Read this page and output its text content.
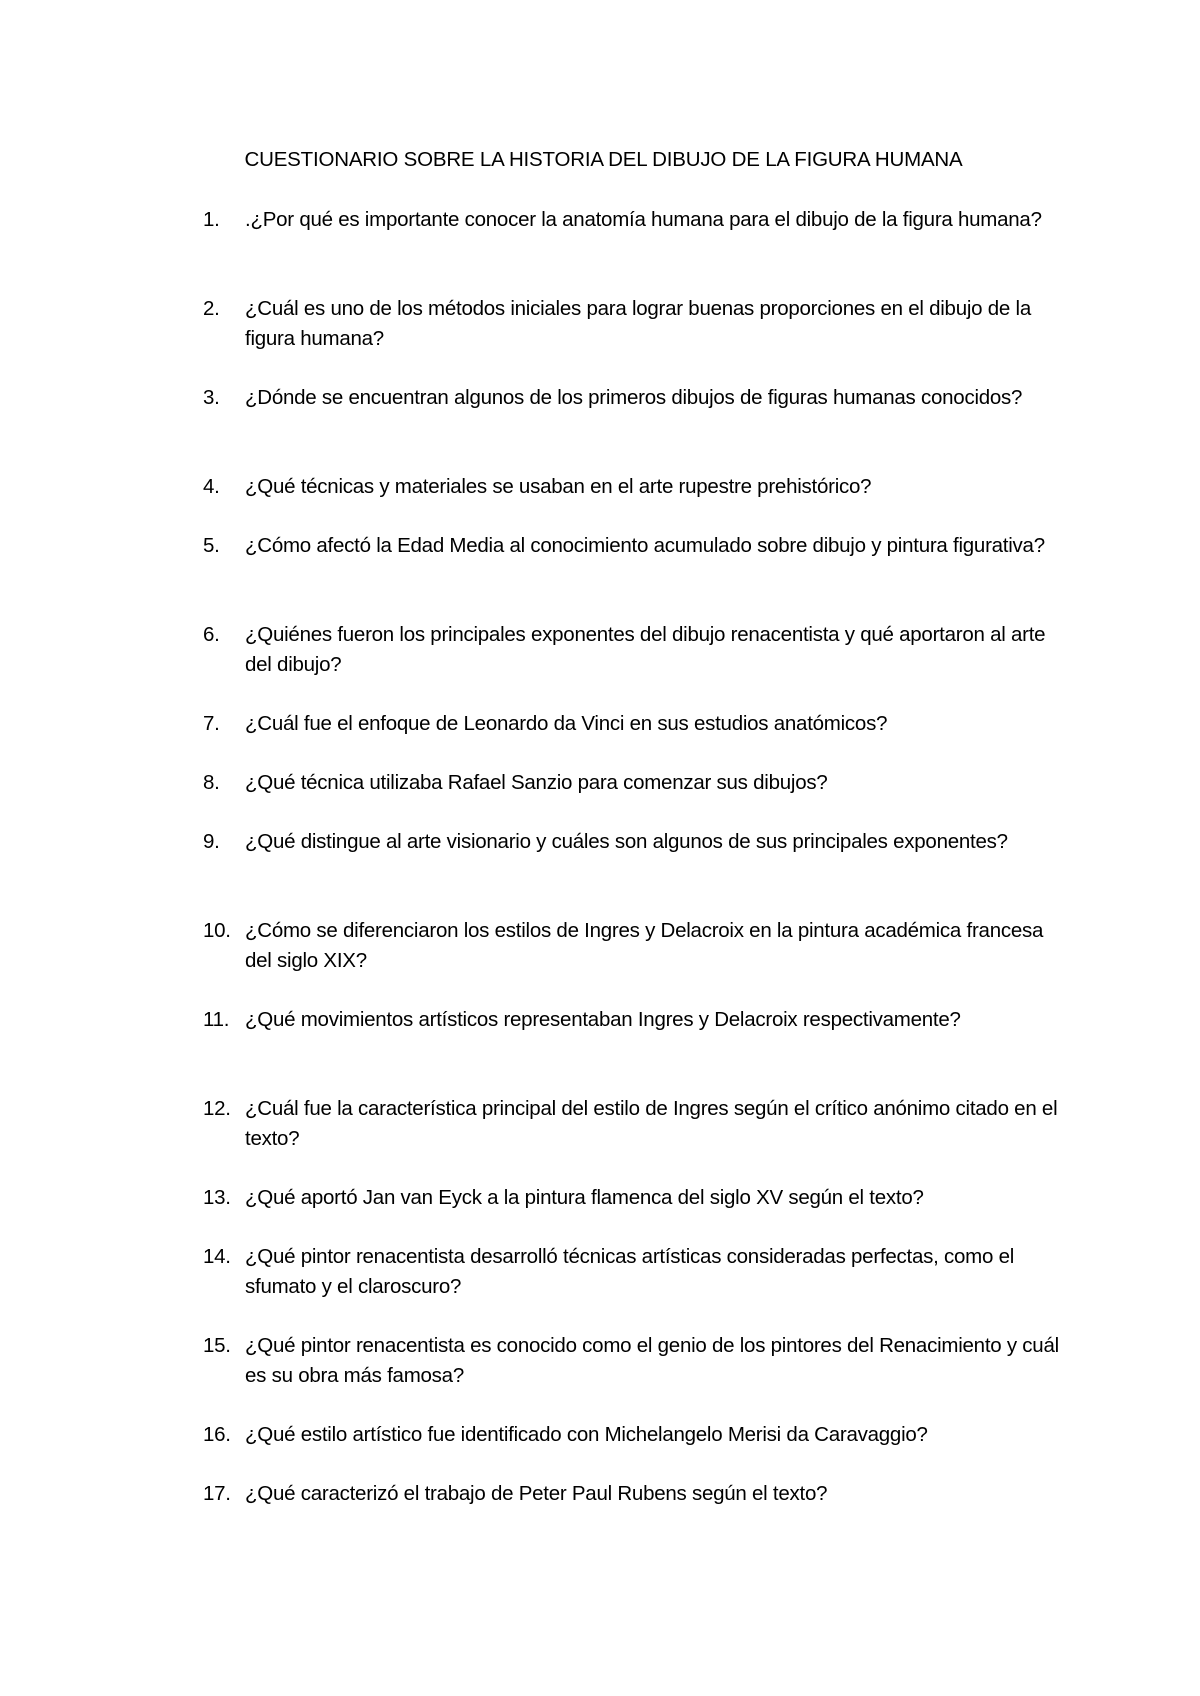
CUESTIONARIO SOBRE LA HISTORIA DEL DIBUJO DE LA FIGURA HUMANA
1. .¿Por qué es importante conocer la anatomía humana para el dibujo de la figura humana?
2. ¿Cuál es uno de los métodos iniciales para lograr buenas proporciones en el dibujo de la figura humana?
3. ¿Dónde se encuentran algunos de los primeros dibujos de figuras humanas conocidos?
4. ¿Qué técnicas y materiales se usaban en el arte rupestre prehistórico?
5. ¿Cómo afectó la Edad Media al conocimiento acumulado sobre dibujo y pintura figurativa?
6. ¿Quiénes fueron los principales exponentes del dibujo renacentista y qué aportaron al arte del dibujo?
7. ¿Cuál fue el enfoque de Leonardo da Vinci en sus estudios anatómicos?
8. ¿Qué técnica utilizaba Rafael Sanzio para comenzar sus dibujos?
9. ¿Qué distingue al arte visionario y cuáles son algunos de sus principales exponentes?
10. ¿Cómo se diferenciaron los estilos de Ingres y Delacroix en la pintura académica francesa del siglo XIX?
11. ¿Qué movimientos artísticos representaban Ingres y Delacroix respectivamente?
12. ¿Cuál fue la característica principal del estilo de Ingres según el crítico anónimo citado en el texto?
13. ¿Qué aportó Jan van Eyck a la pintura flamenca del siglo XV según el texto?
14. ¿Qué pintor renacentista desarrolló técnicas artísticas consideradas perfectas, como el sfumato y el claroscuro?
15. ¿Qué pintor renacentista es conocido como el genio de los pintores del Renacimiento y cuál es su obra más famosa?
16. ¿Qué estilo artístico fue identificado con Michelangelo Merisi da Caravaggio?
17. ¿Qué caracterizó el trabajo de Peter Paul Rubens según el texto?
